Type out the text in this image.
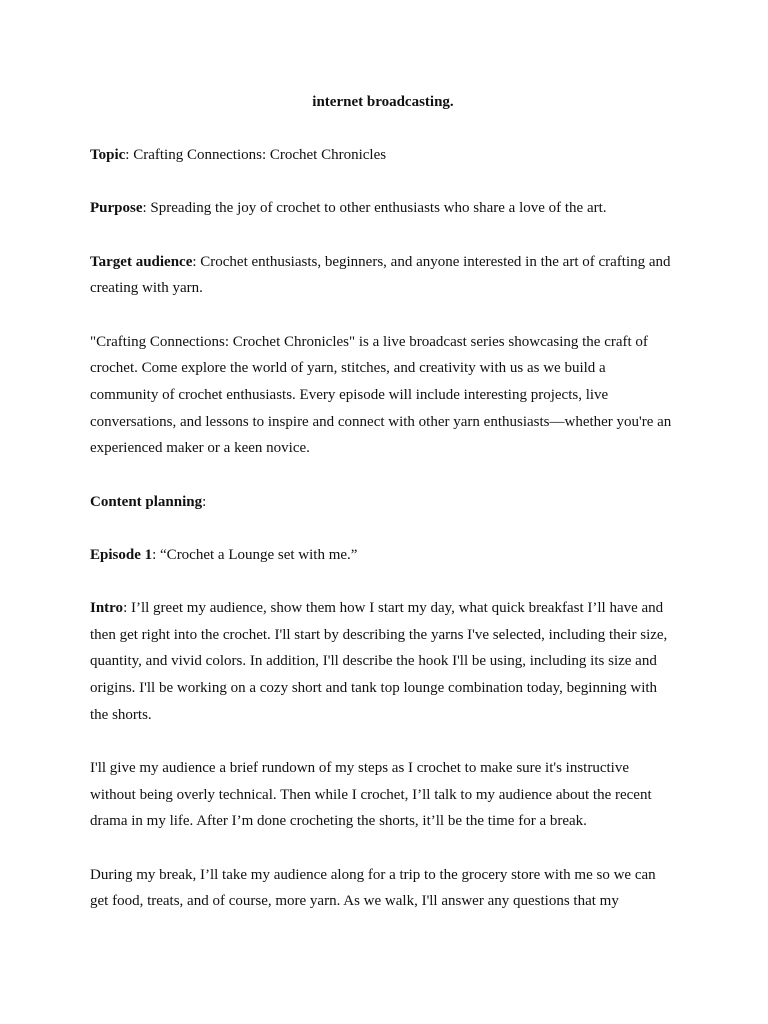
internet broadcasting.

Topic: Crafting Connections: Crochet Chronicles

Purpose: Spreading the joy of crochet to other enthusiasts who share a love of the art.

Target audience: Crochet enthusiasts, beginners, and anyone interested in the art of crafting and creating with yarn.

"Crafting Connections: Crochet Chronicles" is a live broadcast series showcasing the craft of crochet. Come explore the world of yarn, stitches, and creativity with us as we build a community of crochet enthusiasts. Every episode will include interesting projects, live conversations, and lessons to inspire and connect with other yarn enthusiasts—whether you're an experienced maker or a keen novice.

Content planning:

Episode 1: “Crochet a Lounge set with me.”

Intro: I’ll greet my audience, show them how I start my day, what quick breakfast I’ll have and then get right into the crochet. I'll start by describing the yarns I've selected, including their size, quantity, and vivid colors. In addition, I'll describe the hook I'll be using, including its size and origins. I'll be working on a cozy short and tank top lounge combination today, beginning with the shorts.

I'll give my audience a brief rundown of my steps as I crochet to make sure it's instructive without being overly technical. Then while I crochet, I’ll talk to my audience about the recent drama in my life. After I’m done crocheting the shorts, it’ll be the time for a break.

During my break, I’ll take my audience along for a trip to the grocery store with me so we can get food, treats, and of course, more yarn. As we walk, I'll answer any questions that my
